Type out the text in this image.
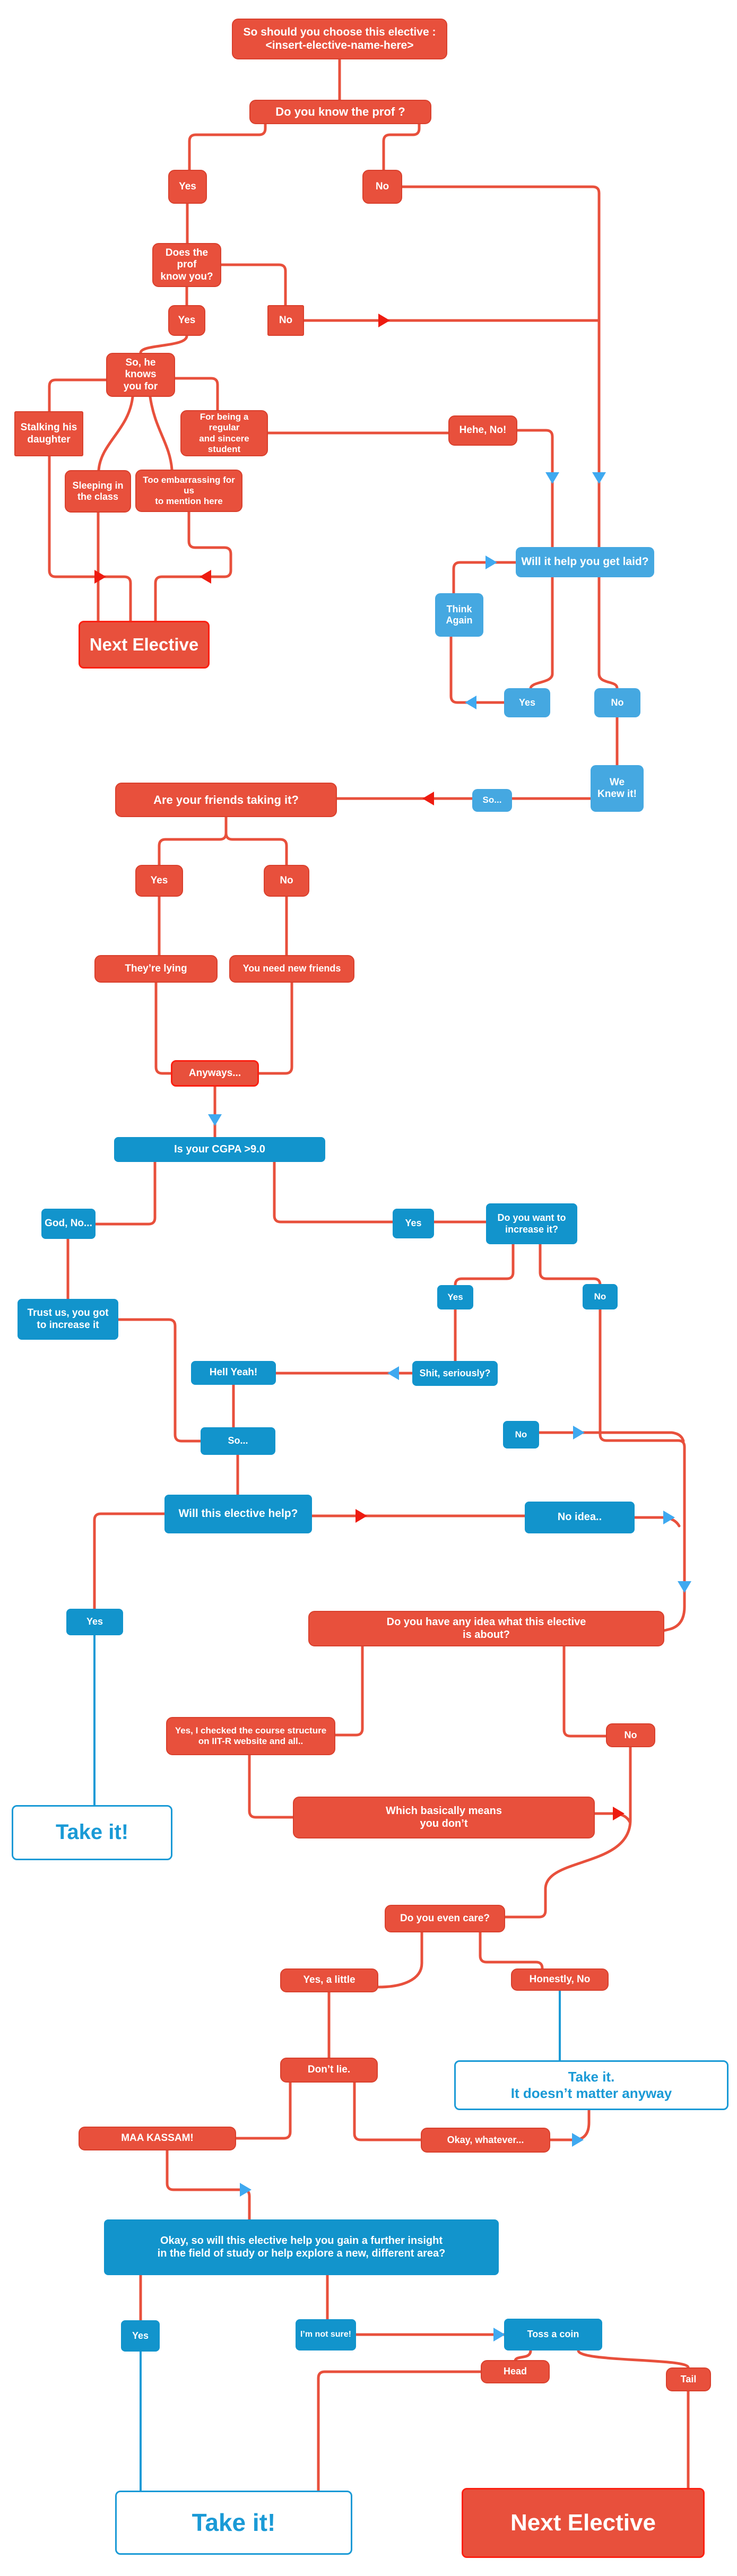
So should you choose this elective :
<insert-elective-name-here>
Do you know the prof ?
Yes	No
Does the prof
know you?
Yes	No
So, he knows
you for
Stalking his
daughter
For being a regular
and sincere student
Sleeping in
the class
Too embarrassing for us
to mention here
Hehe, No!
Will it help you get laid?
Think
Again
Yes	No
We
Knew it!
So...
Next Elective
Are your friends taking it?
Yes	No
They’re lying	You need new friends
Anyways...
Is your CGPA >9.0
God, No...	Yes
Do you want to
increase it?
Trust us, you got
to increase it
Yes	No
Hell Yeah!	Shit, seriously?
No
So...
Will this elective help?	No idea..
Yes	Do you have any idea what this elective
is about?
Yes, I checked the course structure
on IIT-R website and all..
No
Which basically means
you don’t
Take it!
Do you even care?
Yes, a little	Honestly, No
Don’t lie.	Take it.
It doesn’t matter anyway
MAA KASSAM!	Okay, whatever...
Okay, so will this elective help you gain a further insight
in the field of study or help explore a new, different area?
Yes	I’m not sure!	Toss a coin
Head
Tail
Take it!	Next Elective
